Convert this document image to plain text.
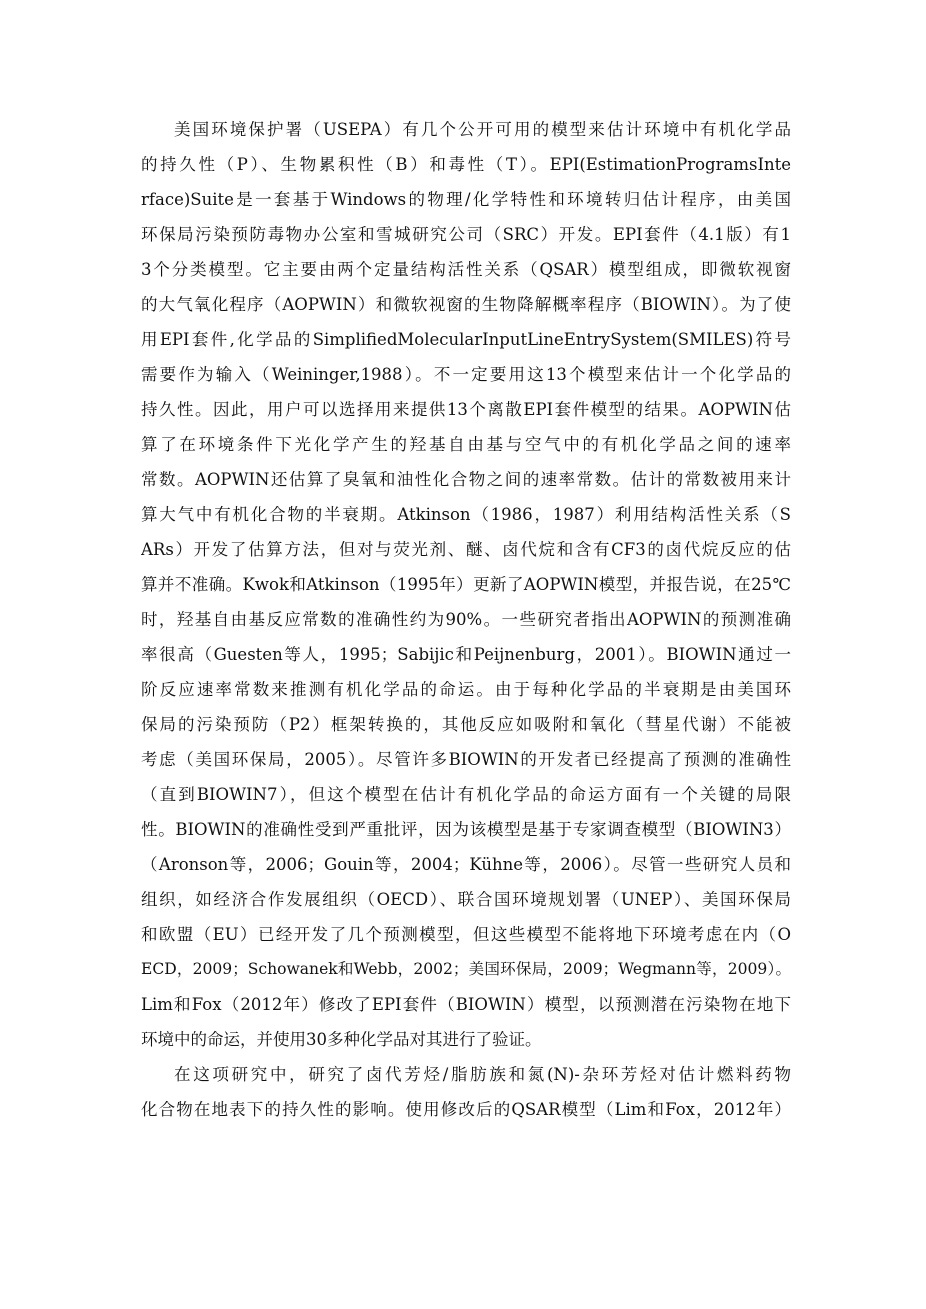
美国环境保护署（USEPA）有几个公开可用的模型来估计环境中有机化学品
的持久性（P）、生物累积性（B）和毒性（T）。EPI(EstimationProgramsInte
rface)Suite是一套基于Windows的物理/化学特性和环境转归估计程序，由美国
环保局污染预防毒物办公室和雪城研究公司（SRC）开发。EPI套件（4.1版）有1
3个分类模型。它主要由两个定量结构活性关系（QSAR）模型组成，即微软视窗
的大气氧化程序（AOPWIN）和微软视窗的生物降解概率程序（BIOWIN）。为了使
用EPI套件,化学品的SimplifiedMolecularInputLineEntrySystem(SMILES)符号
需要作为输入（Weininger,1988）。不一定要用这13个模型来估计一个化学品的
持久性。因此，用户可以选择用来提供13个离散EPI套件模型的结果。AOPWIN估
算了在环境条件下光化学产生的羟基自由基与空气中的有机化学品之间的速率
常数。AOPWIN还估算了臭氧和油性化合物之间的速率常数。估计的常数被用来计
算大气中有机化合物的半衰期。Atkinson（1986，1987）利用结构活性关系（S
ARs）开发了估算方法，但对与荧光剂、醚、卤代烷和含有CF3的卤代烷反应的估
算并不准确。Kwok和Atkinson（1995年）更新了AOPWIN模型，并报告说，在25℃
时，羟基自由基反应常数的准确性约为90%。一些研究者指出AOPWIN的预测准确
率很高（Guesten等人，1995；Sabijic和Peijnenburg，2001）。BIOWIN通过一
阶反应速率常数来推测有机化学品的命运。由于每种化学品的半衰期是由美国环
保局的污染预防（P2）框架转换的，其他反应如吸附和氧化（彗星代谢）不能被
考虑（美国环保局，2005）。尽管许多BIOWIN的开发者已经提高了预测的准确性
（直到BIOWIN7），但这个模型在估计有机化学品的命运方面有一个关键的局限
性。BIOWIN的准确性受到严重批评，因为该模型是基于专家调查模型（BIOWIN3）
（Aronson等，2006；Gouin等，2004；Kühne等，2006）。尽管一些研究人员和
组织，如经济合作发展组织（OECD）、联合国环境规划署（UNEP）、美国环保局
和欧盟（EU）已经开发了几个预测模型，但这些模型不能将地下环境考虑在内（O
ECD，2009；Schowanek和Webb，2002；美国环保局，2009；Wegmann等，2009）。
Lim和Fox（2012年）修改了EPI套件（BIOWIN）模型，以预测潜在污染物在地下
环境中的命运，并使用30多种化学品对其进行了验证。
在这项研究中，研究了卤代芳烃/脂肪族和氮(N)-杂环芳烃对估计燃料药物
化合物在地表下的持久性的影响。使用修改后的QSAR模型（Lim和Fox，2012年）
